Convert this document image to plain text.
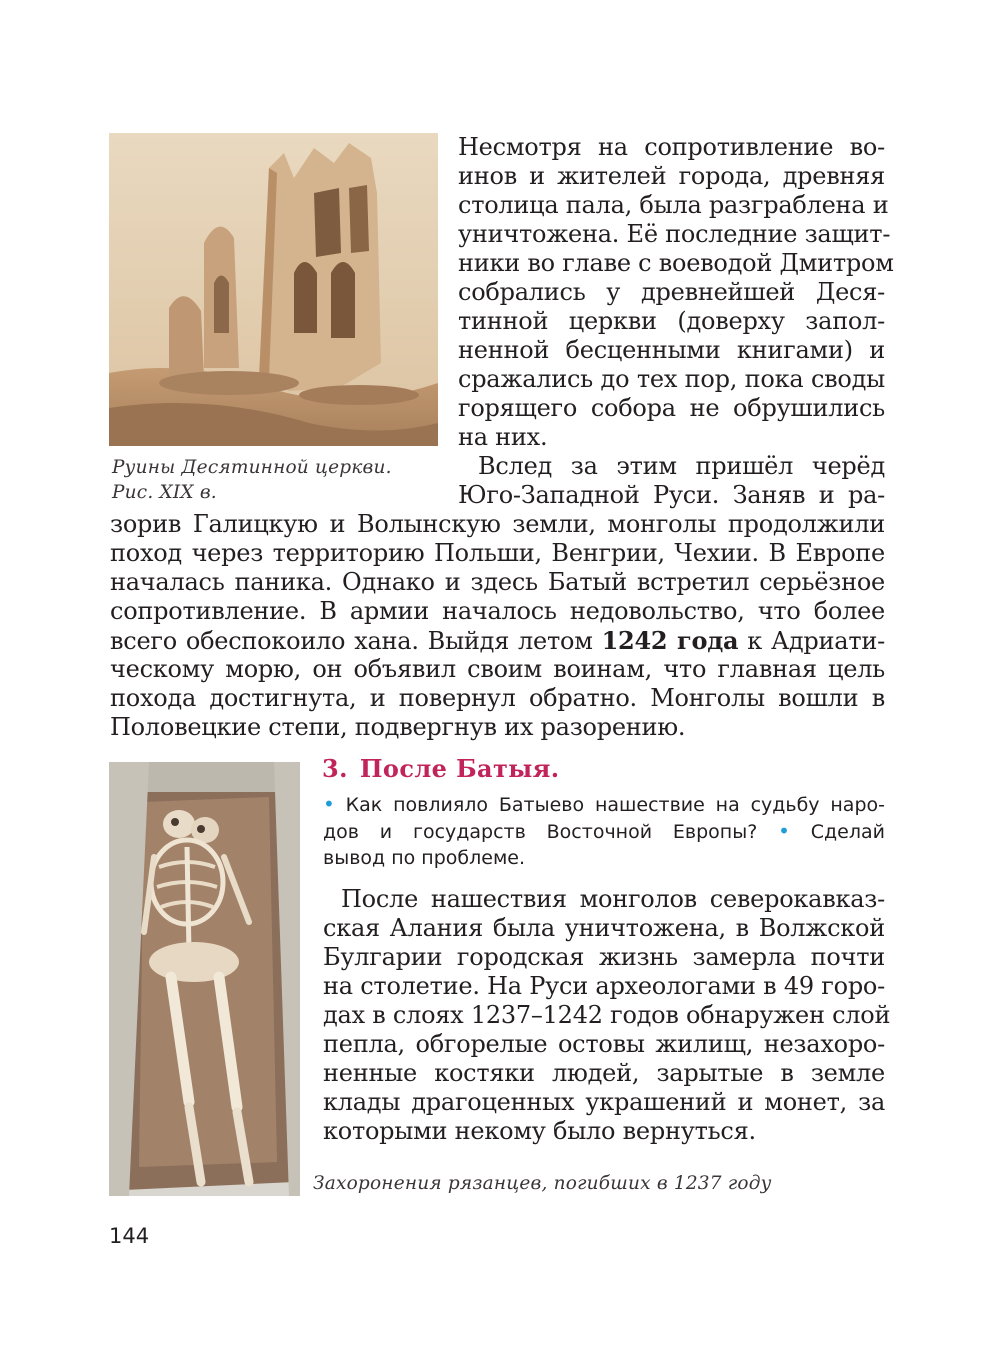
Руины Десятинной церкви.
Рис. XIX в.
Несмотря на сопротивление во-
инов и жителей города, древняя
столица пала, была разграблена и
уничтожена. Её последние защит-
ники во главе с воеводой Дмитром
собрались у древнейшей Деся-
тинной церкви (доверху запол-
ненной бесценными книгами) и
сражались до тех пор, пока своды
горящего собора не обрушились
на них.
Вслед за этим пришёл черёд
Юго-Западной Руси. Заняв и ра-
зорив Галицкую и Волынскую земли, монголы продолжили
поход через территорию Польши, Венгрии, Чехии. В Европе
началась паника. Однако и здесь Батый встретил серьёзное
сопротивление. В армии началось недовольство, что более
всего обеспокоило хана. Выйдя летом 1242 года к Адриати-
ческому морю, он объявил своим воинам, что главная цель
похода достигнута, и повернул обратно. Монголы вошли в
Половецкие степи, подвергнув их разорению.
3. После Батыя.
• Как повлияло Батыево нашествие на судьбу наро-
дов и государств Восточной Европы? • Сделай
вывод по проблеме.
После нашествия монголов северокавказ-
ская Алания была уничтожена, в Волжской
Булгарии городская жизнь замерла почти
на столетие. На Руси археологами в 49 горо-
дах в слоях 1237–1242 годов обнаружен слой
пепла, обгорелые остовы жилищ, незахоро-
ненные костяки людей, зарытые в земле
клады драгоценных украшений и монет, за
которыми некому было вернуться.
Захоронения рязанцев, погибших в 1237 году
144
